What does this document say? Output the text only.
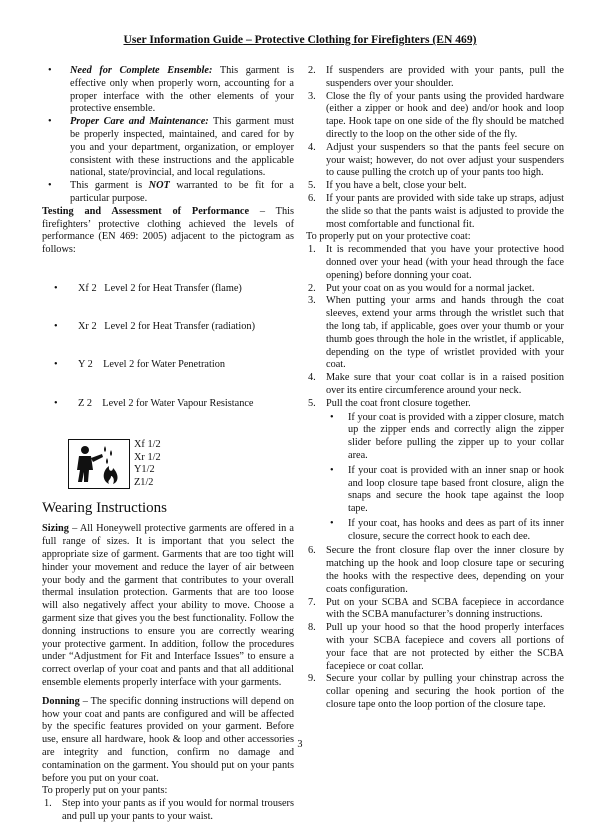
User Information Guide – Protective Clothing for Firefighters (EN 469)
• Need for Complete Ensemble: This garment is effective only when properly worn, accounting for a proper interface with the other elements of your protective ensemble.
• Proper Care and Maintenance: This garment must be properly inspected, maintained, and cared for by you and your department, organization, or employer consistent with these instructions and the applicable national, state/provincial, and local regulations.
• This garment is NOT warranted to be fit for a particular purpose.

Testing and Assessment of Performance – This firefighters’ protective clothing achieved the levels of performance (EN 469: 2005) adjacent to the pictogram as follows:

• Xf 2   Level 2 for Heat Transfer (flame)

• Xr 2   Level 2 for Heat Transfer (radiation)

• Y 2    Level 2 for Water Penetration

• Z 2    Level 2 for Water Vapour Resistance

Xf 1/2
Xr 1/2
Y1/2
Z1/2
Wearing Instructions

Sizing – All Honeywell protective garments are offered in a full range of sizes. It is important that you select the appropriate size of garment. Garments that are too tight will hinder your movement and reduce the layer of air between your body and the garment that contributes to your overall thermal insulation protection. Garments that are too loose will also negatively affect your ability to move. Choose a garment size that gives you the best functionality. Follow the donning instructions to ensure you are correctly wearing your protective garment. In addition, follow the procedures under “Adjustment for Fit and Interface Issues” to ensure a correct overlap of your coat and pants and that all additional ensemble elements properly interface with your garments.

Donning – The specific donning instructions will depend on how your coat and pants are configured and will be affected by the specific features provided on your garment. Before use, ensure all hardware, hook & loop and other accessories are integrity and function, confirm no damage and contamination on the garment. You should put on your pants before you put on your coat.

To properly put on your pants:

1. Step into your pants as if you would for normal trousers and pull up your pants to your waist.
2. If suspenders are provided with your pants, pull the suspenders over your shoulder.
3. Close the fly of your pants using the provided hardware (either a zipper or hook and dee) and/or hook and loop tape. Hook tape on one side of the fly should be matched directly to the loop on the other side of the fly.
4. Adjust your suspenders so that the pants feel secure on your waist; however, do not over adjust your suspenders to cause pulling the crotch up of your pants too high.
5. If you have a belt, close your belt.
6. If your pants are provided with side take up straps, adjust the slide so that the pants waist is adjusted to provide the most comfortable and functional fit.

To properly put on your protective coat:

1. It is recommended that you have your protective hood donned over your head (with your head through the face opening) before donning your coat.
2. Put your coat on as you would for a normal jacket.
3. When putting your arms and hands through the coat sleeves, extend your arms through the wristlet such that the long tab, if applicable, goes over your thumb or your thumb goes through the hole in the wristlet, if applicable, depending on the type of wristlet provided with your coat.
4. Make sure that your coat collar is in a raised position over its entire circumference around your neck.
5. Pull the coat front closure together.
• If your coat is provided with a zipper closure, match up the zipper ends and correctly align the zipper slider before pulling the zipper up to your collar area.
• If your coat is provided with an inner snap or hook and loop closure tape based front closure, align the snaps and secure the hook tape against the loop tape.
• If your coat, has hooks and dees as part of its inner closure, secure the correct hook to each dee.
6. Secure the front closure flap over the inner closure by matching up the hook and loop closure tape or securing the hooks with the respective dees, depending on your coats configuration.
7. Put on your SCBA and SCBA facepiece in accordance with the SCBA manufacturer’s donning instructions.
8. Pull up your hood so that the hood properly interfaces with your SCBA facepiece and covers all portions of your face that are not protected by either the SCBA facepiece or coat collar.
9. Secure your collar by pulling your chinstrap across the collar opening and securing the hook portion of the closure tape onto the loop portion of the closure tape.
3
